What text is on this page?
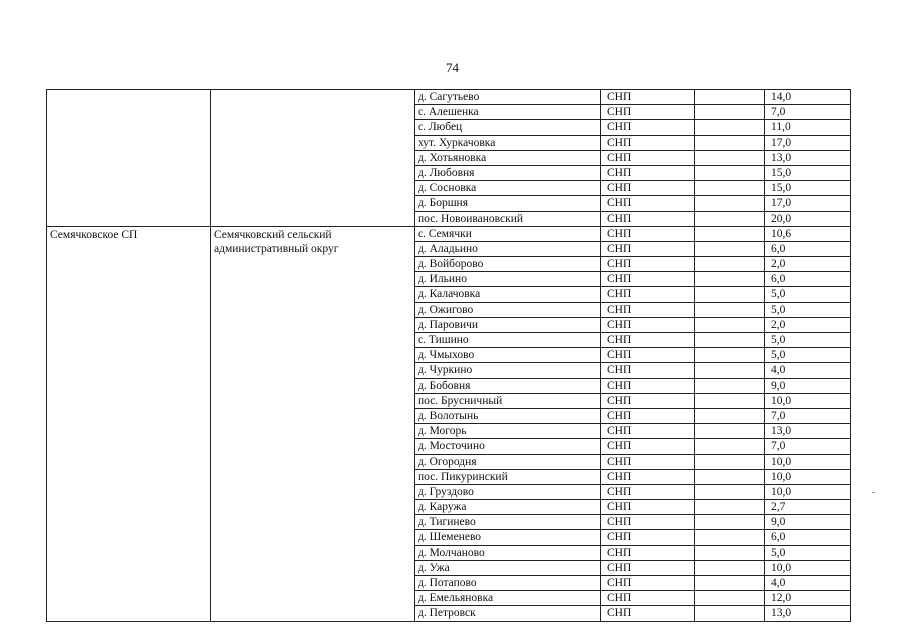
74
		д. Сагутьево	СНП		14,0
		с. Алешенка	СНП		7,0
		с. Любец	СНП		11,0
		хут. Хуркачовка	СНП		17,0
		д. Хотьяновка	СНП		13,0
		д. Любовня	СНП		15,0
		д. Сосновка	СНП		15,0
		д. Боршня	СНП		17,0
		пос. Новоивановский	СНП		20,0
Семячковское СП	Семячковский сельский административный округ	с. Семячки	СНП		10,6
		д. Аладьино	СНП		6,0
		д. Войборово	СНП		2,0
		д. Ильино	СНП		6,0
		д. Калачовка	СНП		5,0
		д. Ожигово	СНП		5,0
		д. Паровичи	СНП		2,0
		с. Тишино	СНП		5,0
		д. Чмыхово	СНП		5,0
		д. Чуркино	СНП		4,0
		д. Бобовня	СНП		9,0
		пос. Брусничный	СНП		10,0
		д. Волотынь	СНП		7,0
		д. Могорь	СНП		13,0
		д. Мосточино	СНП		7,0
		д. Огородня	СНП		10,0
		пос. Пикуринский	СНП		10,0
		д. Груздово	СНП		10,0
		д. Каружа	СНП		2,7
		д. Тигинево	СНП		9,0
		д. Шеменево	СНП		6,0
		д. Молчаново	СНП		5,0
		д. Ужа	СНП		10,0
		д. Потапово	СНП		4,0
		д. Емельяновка	СНП		12,0
		д. Петровск	СНП		13,0
